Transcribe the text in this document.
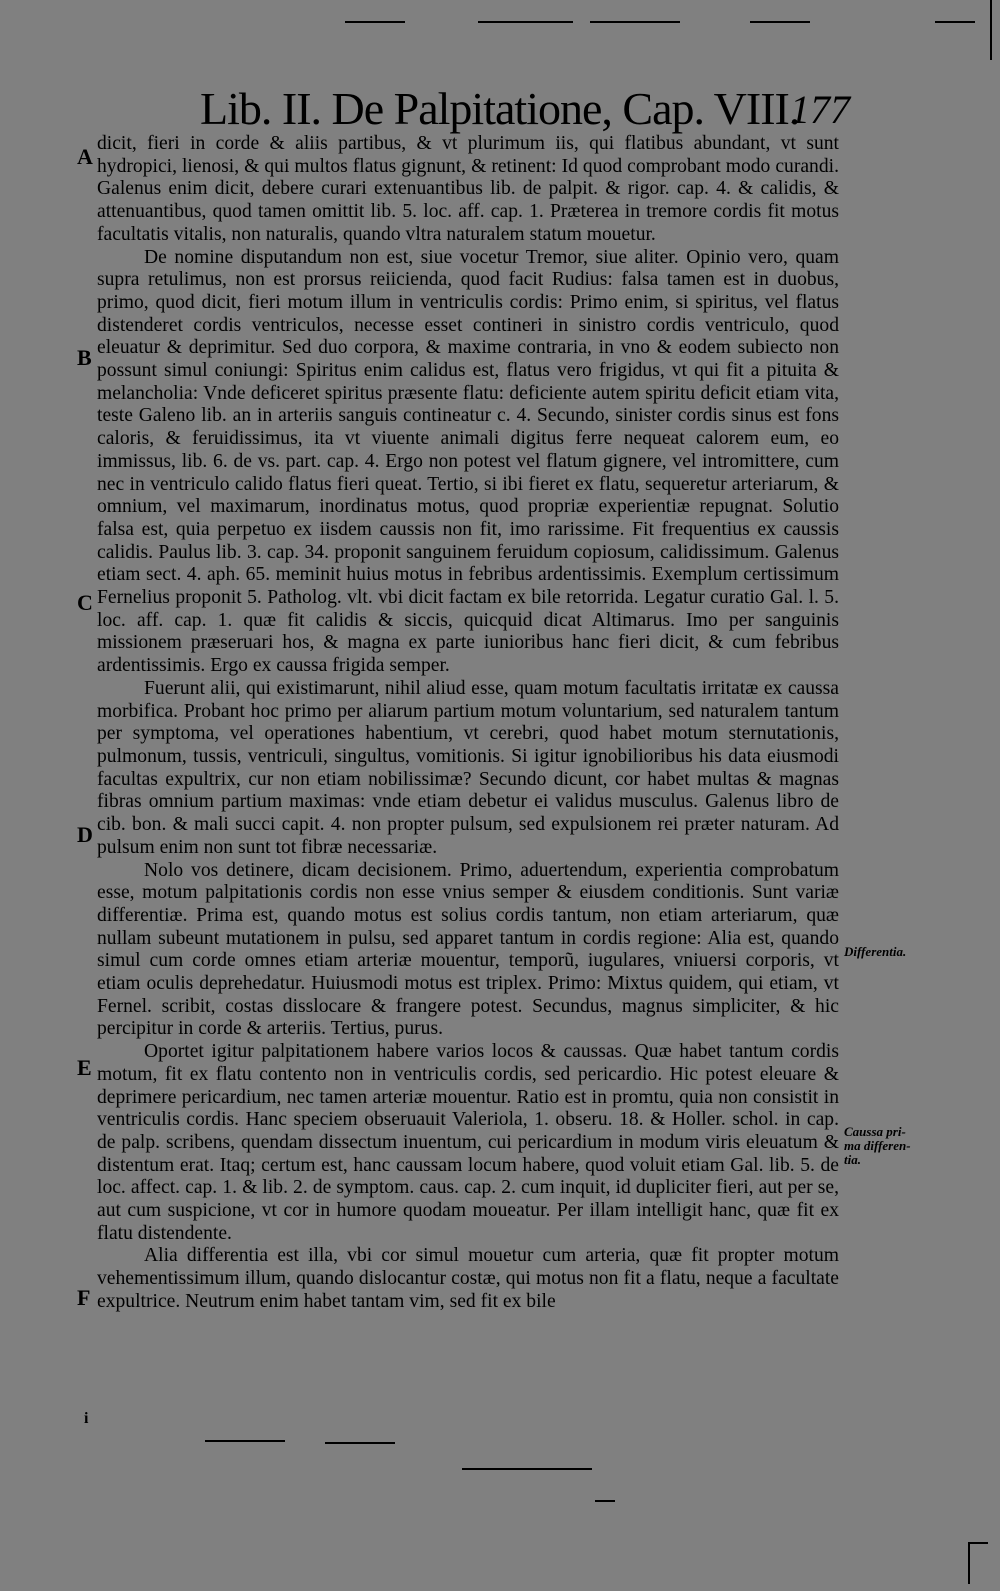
Lib. II. De Palpitatione, Cap. VIII.
177
A
B
C
D
E
F
i
Differentia.
Caussa pri-ma differen-tia.

dicit, fieri in corde & aliis partibus, & vt plurimum iis, qui flatibus abundant, vt sunt hydropici, lienosi, & qui multos flatus gignunt, & retinent: Id quod comprobant modo curandi. Galenus enim dicit, debere curari extenuantibus lib. de palpit. & rigor. cap. 4. & calidis, & attenuantibus, quod tamen omittit lib. 5. loc. aff. cap. 1. Præterea in tremore cordis fit motus facultatis vitalis, non naturalis, quando vltra naturalem statum mouetur.

De nomine disputandum non est, siue vocetur Tremor, siue aliter. Opinio vero, quam supra retulimus, non est prorsus reiicienda, quod facit Rudius: falsa tamen est in duobus, primo, quod dicit, fieri motum illum in ventriculis cordis: Primo enim, si spiritus, vel flatus distenderet cordis ventriculos, necesse esset contineri in sinistro cordis ventriculo, quod eleuatur & deprimitur. Sed duo corpora, & maxime contraria, in vno & eodem subiecto non possunt simul coniungi: Spiritus enim calidus est, flatus vero frigidus, vt qui fit a pituita & melancholia: Vnde deficeret spiritus præsente flatu: deficiente autem spiritu deficit etiam vita, teste Galeno lib. an in arteriis sanguis contineatur c. 4. Secundo, sinister cordis sinus est fons caloris, & feruidissimus, ita vt viuente animali digitus ferre nequeat calorem eum, eo immissus, lib. 6. de vs. part. cap. 4. Ergo non potest vel flatum gignere, vel intromittere, cum nec in ventriculo calido flatus fieri queat. Tertio, si ibi fieret ex flatu, sequeretur arteriarum, & omnium, vel maximarum, inordinatus motus, quod propriæ experientiæ repugnat. Solutio falsa est, quia perpetuo ex iisdem caussis non fit, imo rarissime. Fit frequentius ex caussis calidis. Paulus lib. 3. cap. 34. proponit sanguinem feruidum copiosum, calidissimum. Galenus etiam sect. 4. aph. 65. meminit huius motus in febribus ardentissimis. Exemplum certissimum Fernelius proponit 5. Patholog. vlt. vbi dicit factam ex bile retorrida. Legatur curatio Gal. l. 5. loc. aff. cap. 1. quæ fit calidis & siccis, quicquid dicat Altimarus. Imo per sanguinis missionem præseruari hos, & magna ex parte iunioribus hanc fieri dicit, & cum febribus ardentissimis. Ergo ex caussa frigida semper.

Fuerunt alii, qui existimarunt, nihil aliud esse, quam motum facultatis irritatæ ex caussa morbifica. Probant hoc primo per aliarum partium motum voluntarium, sed naturalem tantum per symptoma, vel operationes habentium, vt cerebri, quod habet motum sternutationis, pulmonum, tussis, ventriculi, singultus, vomitionis. Si igitur ignobilioribus his data eiusmodi facultas expultrix, cur non etiam nobilissimæ? Secundo dicunt, cor habet multas & magnas fibras omnium partium maximas: vnde etiam debetur ei validus musculus. Galenus libro de cib. bon. & mali succi capit. 4. non propter pulsum, sed expulsionem rei præter naturam. Ad pulsum enim non sunt tot fibræ necessariæ.

Nolo vos detinere, dicam decisionem. Primo, aduertendum, experientia comprobatum esse, motum palpitationis cordis non esse vnius semper & eiusdem conditionis. Sunt variæ differentiæ. Prima est, quando motus est solius cordis tantum, non etiam arteriarum, quæ nullam subeunt mutationem in pulsu, sed apparet tantum in cordis regione: Alia est, quando simul cum corde omnes etiam arteriæ mouentur, temporũ, iugulares, vniuersi corporis, vt etiam oculis deprehedatur. Huiusmodi motus est triplex. Primo: Mixtus quidem, qui etiam, vt Fernel. scribit, costas disslocare & frangere potest. Secundus, magnus simpliciter, & hic percipitur in corde & arteriis. Tertius, purus.

Oportet igitur palpitationem habere varios locos & caussas. Quæ habet tantum cordis motum, fit ex flatu contento non in ventriculis cordis, sed pericardio. Hic potest eleuare & deprimere pericardium, nec tamen arteriæ mouentur. Ratio est in promtu, quia non consistit in ventriculis cordis. Hanc speciem obseruauit Valeriola, 1. obseru. 18. & Holler. schol. in cap. de palp. scribens, quendam dissectum inuentum, cui pericardium in modum viris eleuatum & distentum erat. Itaq; certum est, hanc caussam locum habere, quod voluit etiam Gal. lib. 5. de loc. affect. cap. 1. & lib. 2. de symptom. caus. cap. 2. cum inquit, id dupliciter fieri, aut per se, aut cum suspicione, vt cor in humore quodam moueatur. Per illam intelligit hanc, quæ fit ex flatu distendente.

Alia differentia est illa, vbi cor simul mouetur cum arteria, quæ fit propter motum vehementissimum illum, quando dislocantur costæ, qui motus non fit a flatu, neque a facultate expultrice. Neutrum enim habet tantam vim, sed fit ex bile
